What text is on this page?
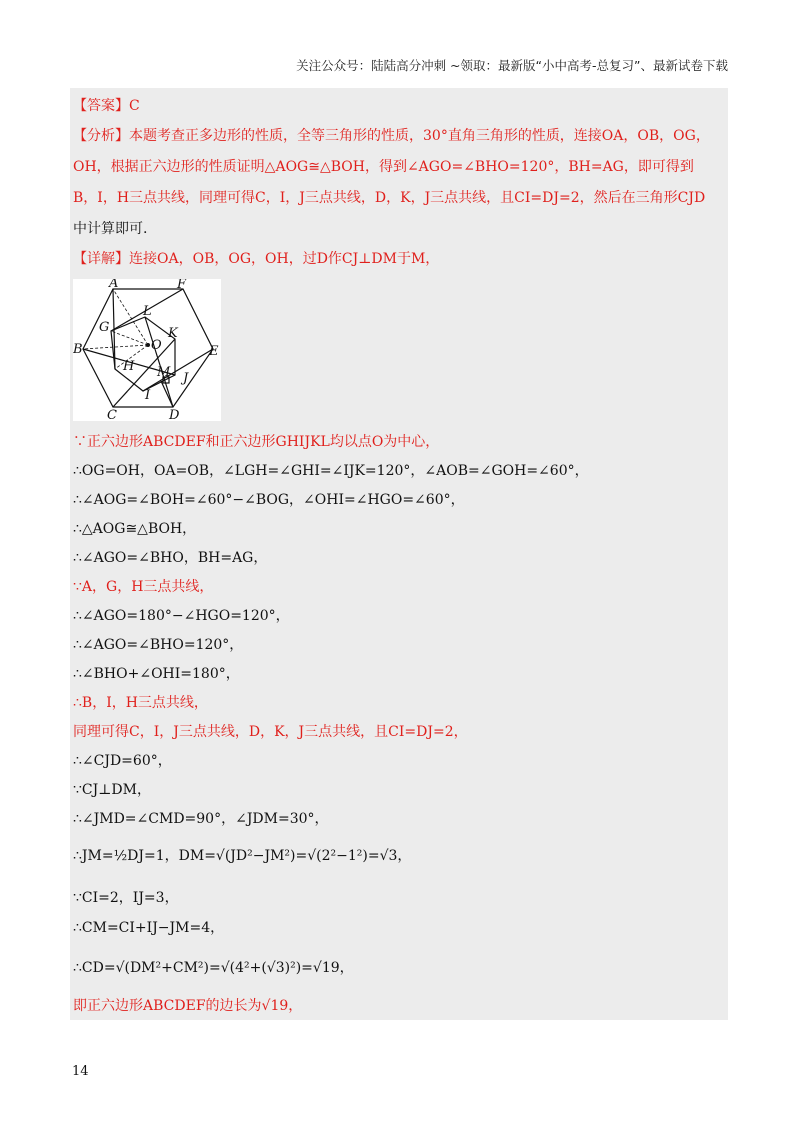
关注公众号：陆陆高分冲刺 ~领取：最新版“小中高考-总复习”、最新试卷下载
【答案】C
【分析】本题考查正多边形的性质，全等三角形的性质，30°直角三角形的性质，连接OA，OB，OG，
OH，根据正六边形的性质证明△AOG≅△BOH，得到∠AGO=∠BHO=120°，BH=AG，即可得到
B，I，H三点共线，同理可得C，I，J三点共线，D，K，J三点共线，且CI=DJ=2，然后在三角形CJD
中计算即可.
【详解】连接OA，OB，OG，OH，过D作CJ⊥DM于M，
A	F
B	E
C	D
G
L
O
K
H M J
I
∵正六边形ABCDEF和正六边形GHIJKL均以点O为中心，
∴OG=OH，OA=OB，∠LGH=∠GHI=∠IJK=120°，∠AOB=∠GOH=∠60°，
∴∠AOG=∠BOH=∠60°−∠BOG，∠OHI=∠HGO=∠60°，
∴△AOG≅△BOH，
∴∠AGO=∠BHO，BH=AG，
∵A，G，H三点共线，
∴∠AGO=180°−∠HGO=120°，
∴∠AGO=∠BHO=120°，
∴∠BHO+∠OHI=180°，
∴B，I，H三点共线，
同理可得C，I，J三点共线，D，K，J三点共线，且CI=DJ=2，
∴∠CJD=60°，
∵CJ⊥DM，
∴∠JMD=∠CMD=90°，∠JDM=30°，
∴JM=½DJ=1，DM=√(JD²−JM²)=√(2²−1²)=√3，
∵CI=2，IJ=3，
∴CM=CI+IJ−JM=4，
∴CD=√(DM²+CM²)=√(4²+(√3)²)=√19，
即正六边形ABCDEF的边长为√19，
14
